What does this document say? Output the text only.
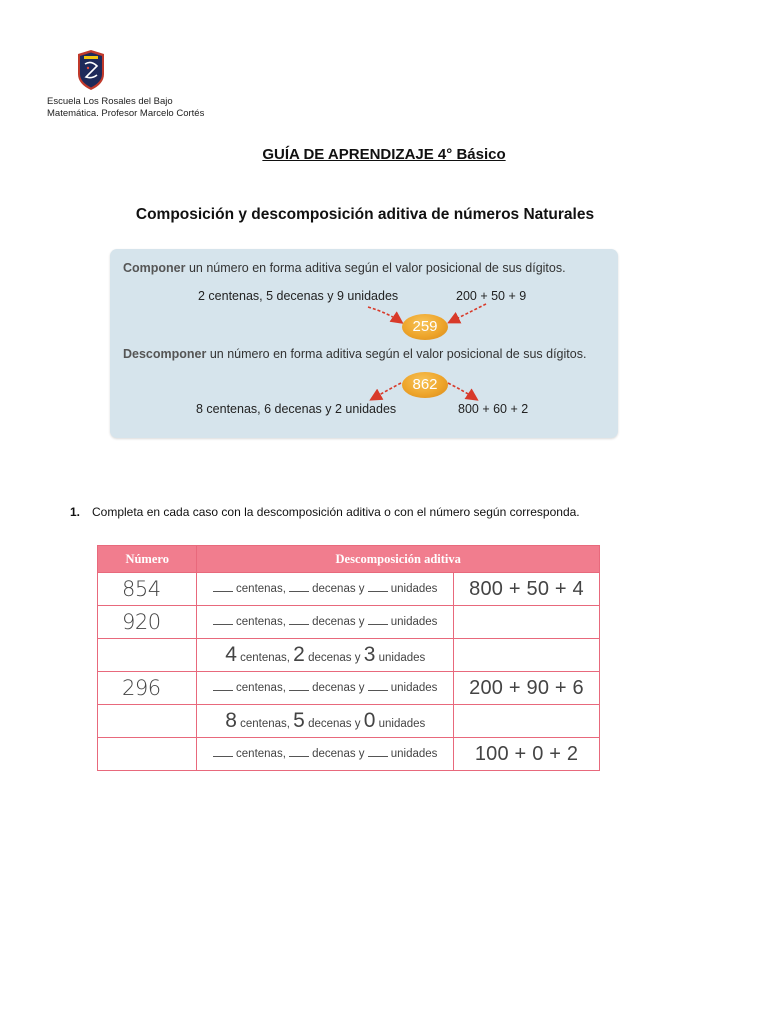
Escuela Los Rosales del Bajo
Matemática. Profesor Marcelo Cortés
GUÍA DE APRENDIZAJE 4° Básico
Composición y descomposición aditiva de números Naturales
Componer un número en forma aditiva según el valor posicional de sus dígitos.
2 centenas, 5 decenas y 9 unidades	200 + 50 + 9
259
Descomponer un número en forma aditiva según el valor posicional de sus dígitos.
862
8 centenas, 6 decenas y 2 unidades	800 + 60 + 2
1. Completa en cada caso con la descomposición aditiva o con el número según corresponda.
Número	Descomposición aditiva	
854	centenas, decenas y unidades	800 + 50 + 4
920	centenas, decenas y unidades	
	4 centenas, 2 decenas y 3 unidades	
296	centenas, decenas y unidades	200 + 90 + 6
	8 centenas, 5 decenas y 0 unidades	
	centenas, decenas y unidades	100 + 0 + 2
